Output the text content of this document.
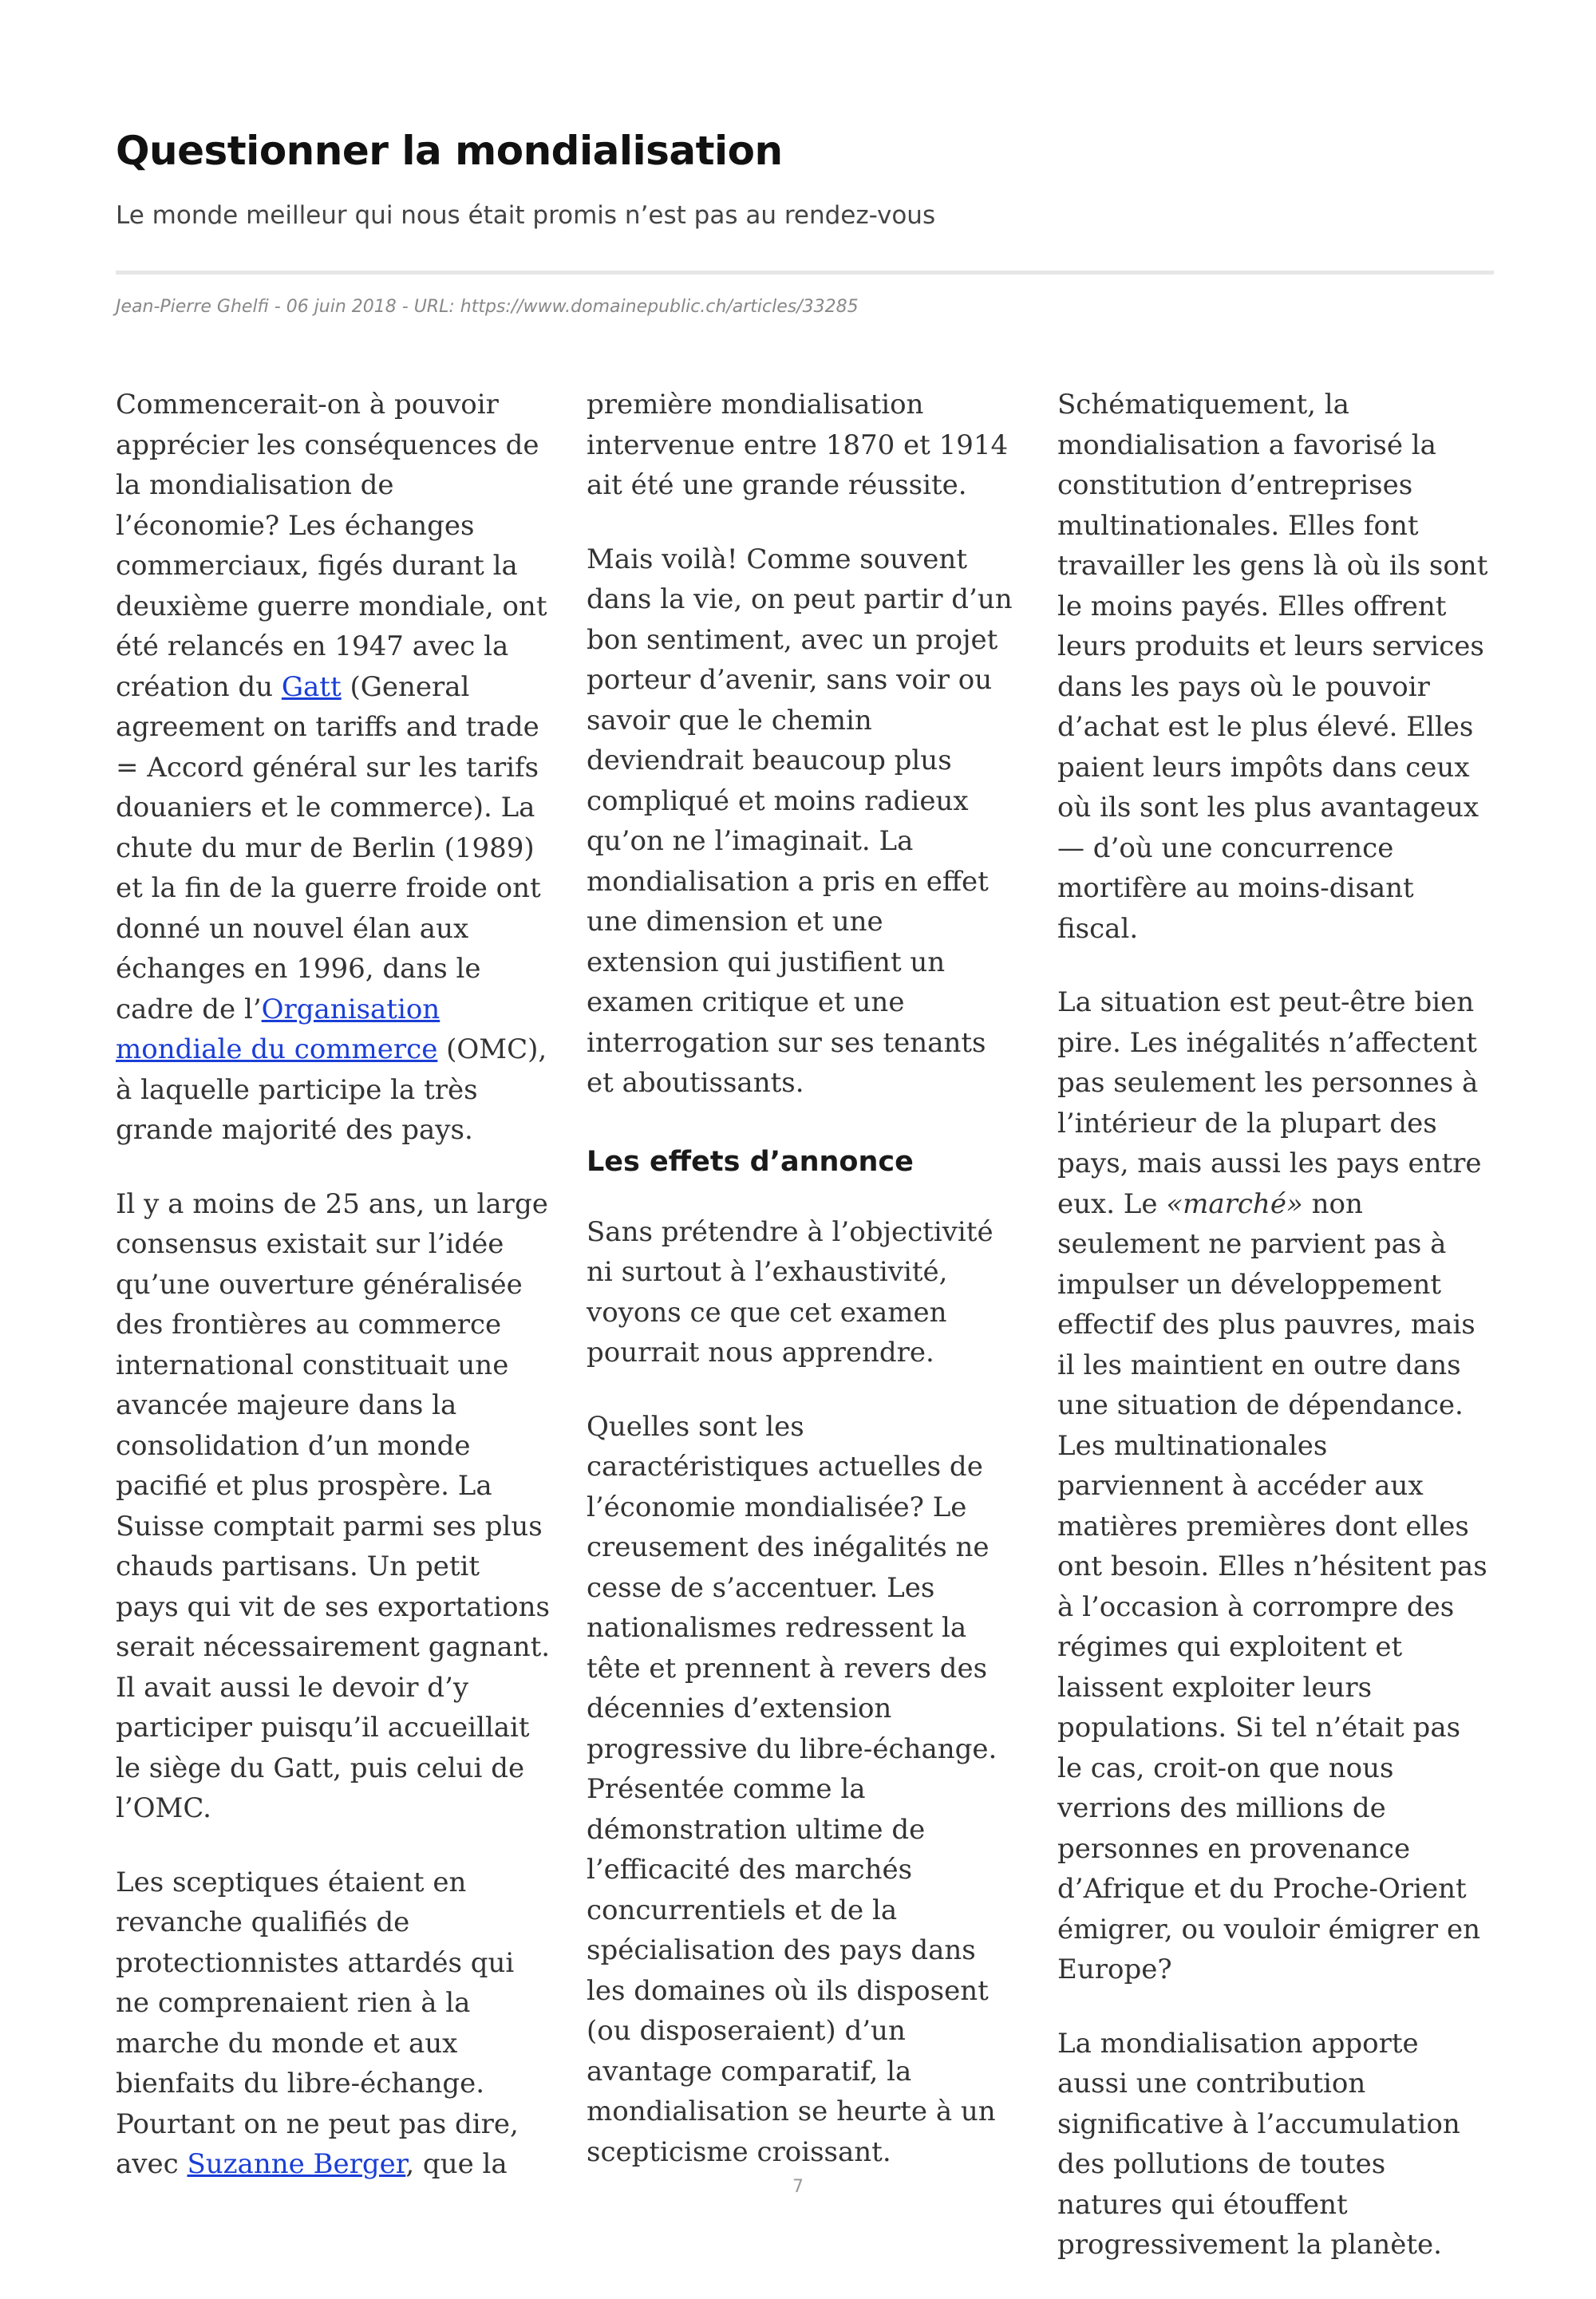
Questionner la mondialisation
Le monde meilleur qui nous était promis n’est pas au rendez-vous
Jean-Pierre Ghelfi - 06 juin 2018 - URL: https://www.domainepublic.ch/articles/33285

Commencerait-on à pouvoir apprécier les conséquences de la mondialisation de l’économie? Les échanges commerciaux, figés durant la deuxième guerre mondiale, ont été relancés en 1947 avec la création du Gatt (General agreement on tariffs and trade = Accord général sur les tarifs douaniers et le commerce). La chute du mur de Berlin (1989) et la fin de la guerre froide ont donné un nouvel élan aux échanges en 1996, dans le cadre de l’Organisation mondiale du commerce (OMC), à laquelle participe la très grande majorité des pays.

Il y a moins de 25 ans, un large consensus existait sur l’idée qu’une ouverture généralisée des frontières au commerce international constituait une avancée majeure dans la consolidation d’un monde pacifié et plus prospère. La Suisse comptait parmi ses plus chauds partisans. Un petit pays qui vit de ses exportations serait nécessairement gagnant. Il avait aussi le devoir d’y participer puisqu’il accueillait le siège du Gatt, puis celui de l’OMC.

Les sceptiques étaient en revanche qualifiés de protectionnistes attardés qui ne comprenaient rien à la marche du monde et aux bienfaits du libre-échange. Pourtant on ne peut pas dire, avec Suzanne Berger, que la

première mondialisation intervenue entre 1870 et 1914 ait été une grande réussite.

Mais voilà! Comme souvent dans la vie, on peut partir d’un bon sentiment, avec un projet porteur d’avenir, sans voir ou savoir que le chemin deviendrait beaucoup plus compliqué et moins radieux qu’on ne l’imaginait. La mondialisation a pris en effet une dimension et une extension qui justifient un examen critique et une interrogation sur ses tenants et aboutissants.

Les effets d’annonce

Sans prétendre à l’objectivité ni surtout à l’exhaustivité, voyons ce que cet examen pourrait nous apprendre.

Quelles sont les caractéristiques actuelles de l’économie mondialisée? Le creusement des inégalités ne cesse de s’accentuer. Les nationalismes redressent la tête et prennent à revers des décennies d’extension progressive du libre-échange. Présentée comme la démonstration ultime de l’efficacité des marchés concurrentiels et de la spécialisation des pays dans les domaines où ils disposent (ou disposeraient) d’un avantage comparatif, la mondialisation se heurte à un scepticisme croissant.

Schématiquement, la mondialisation a favorisé la constitution d’entreprises multinationales. Elles font travailler les gens là où ils sont le moins payés. Elles offrent leurs produits et leurs services dans les pays où le pouvoir d’achat est le plus élevé. Elles paient leurs impôts dans ceux où ils sont les plus avantageux — d’où une concurrence mortifère au moins-disant fiscal.

La situation est peut-être bien pire. Les inégalités n’affectent pas seulement les personnes à l’intérieur de la plupart des pays, mais aussi les pays entre eux. Le «marché» non seulement ne parvient pas à impulser un développement effectif des plus pauvres, mais il les maintient en outre dans une situation de dépendance. Les multinationales parviennent à accéder aux matières premières dont elles ont besoin. Elles n’hésitent pas à l’occasion à corrompre des régimes qui exploitent et laissent exploiter leurs populations. Si tel n’était pas le cas, croit-on que nous verrions des millions de personnes en provenance d’Afrique et du Proche-Orient émigrer, ou vouloir émigrer en Europe?

La mondialisation apporte aussi une contribution significative à l’accumulation des pollutions de toutes natures qui étouffent progressivement la planète.

7
